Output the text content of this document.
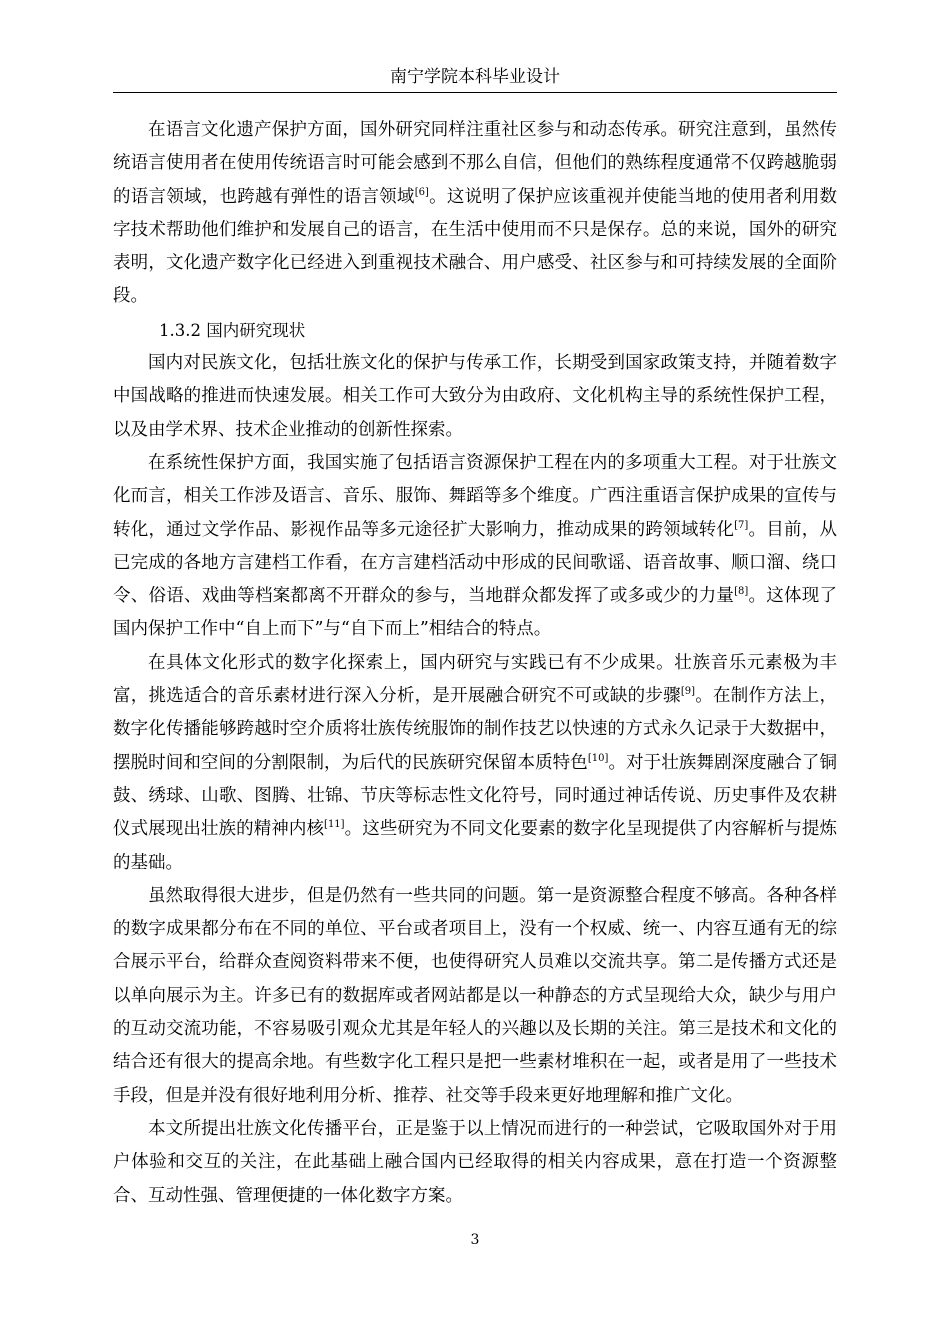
南宁学院本科毕业设计

在语言文化遗产保护方面，国外研究同样注重社区参与和动态传承。研究注意到，虽然传统语言使用者在使用传统语言时可能会感到不那么自信，但他们的熟练程度通常不仅跨越脆弱的语言领域，也跨越有弹性的语言领域[6]。这说明了保护应该重视并使能当地的使用者利用数字技术帮助他们维护和发展自己的语言，在生活中使用而不只是保存。总的来说，国外的研究表明，文化遗产数字化已经进入到重视技术融合、用户感受、社区参与和可持续发展的全面阶段。

1.3.2 国内研究现状

国内对民族文化，包括壮族文化的保护与传承工作，长期受到国家政策支持，并随着数字中国战略的推进而快速发展。相关工作可大致分为由政府、文化机构主导的系统性保护工程，以及由学术界、技术企业推动的创新性探索。

在系统性保护方面，我国实施了包括语言资源保护工程在内的多项重大工程。对于壮族文化而言，相关工作涉及语言、音乐、服饰、舞蹈等多个维度。广西注重语言保护成果的宣传与转化，通过文学作品、影视作品等多元途径扩大影响力，推动成果的跨领域转化[7]。目前，从已完成的各地方言建档工作看，在方言建档活动中形成的民间歌谣、语音故事、顺口溜、绕口令、俗语、戏曲等档案都离不开群众的参与，当地群众都发挥了或多或少的力量[8]。这体现了国内保护工作中“自上而下”与“自下而上”相结合的特点。

在具体文化形式的数字化探索上，国内研究与实践已有不少成果。壮族音乐元素极为丰富，挑选适合的音乐素材进行深入分析，是开展融合研究不可或缺的步骤[9]。在制作方法上，数字化传播能够跨越时空介质将壮族传统服饰的制作技艺以快速的方式永久记录于大数据中，摆脱时间和空间的分割限制，为后代的民族研究保留本质特色[10]。对于壮族舞剧深度融合了铜鼓、绣球、山歌、图腾、壮锦、节庆等标志性文化符号，同时通过神话传说、历史事件及农耕仪式展现出壮族的精神内核[11]。这些研究为不同文化要素的数字化呈现提供了内容解析与提炼的基础。

虽然取得很大进步，但是仍然有一些共同的问题。第一是资源整合程度不够高。各种各样的数字成果都分布在不同的单位、平台或者项目上，没有一个权威、统一、内容互通有无的综合展示平台，给群众查阅资料带来不便，也使得研究人员难以交流共享。第二是传播方式还是以单向展示为主。许多已有的数据库或者网站都是以一种静态的方式呈现给大众，缺少与用户的互动交流功能，不容易吸引观众尤其是年轻人的兴趣以及长期的关注。第三是技术和文化的结合还有很大的提高余地。有些数字化工程只是把一些素材堆积在一起，或者是用了一些技术手段，但是并没有很好地利用分析、推荐、社交等手段来更好地理解和推广文化。

本文所提出壮族文化传播平台，正是鉴于以上情况而进行的一种尝试，它吸取国外对于用户体验和交互的关注，在此基础上融合国内已经取得的相关内容成果，意在打造一个资源整合、互动性强、管理便捷的一体化数字方案。

3
